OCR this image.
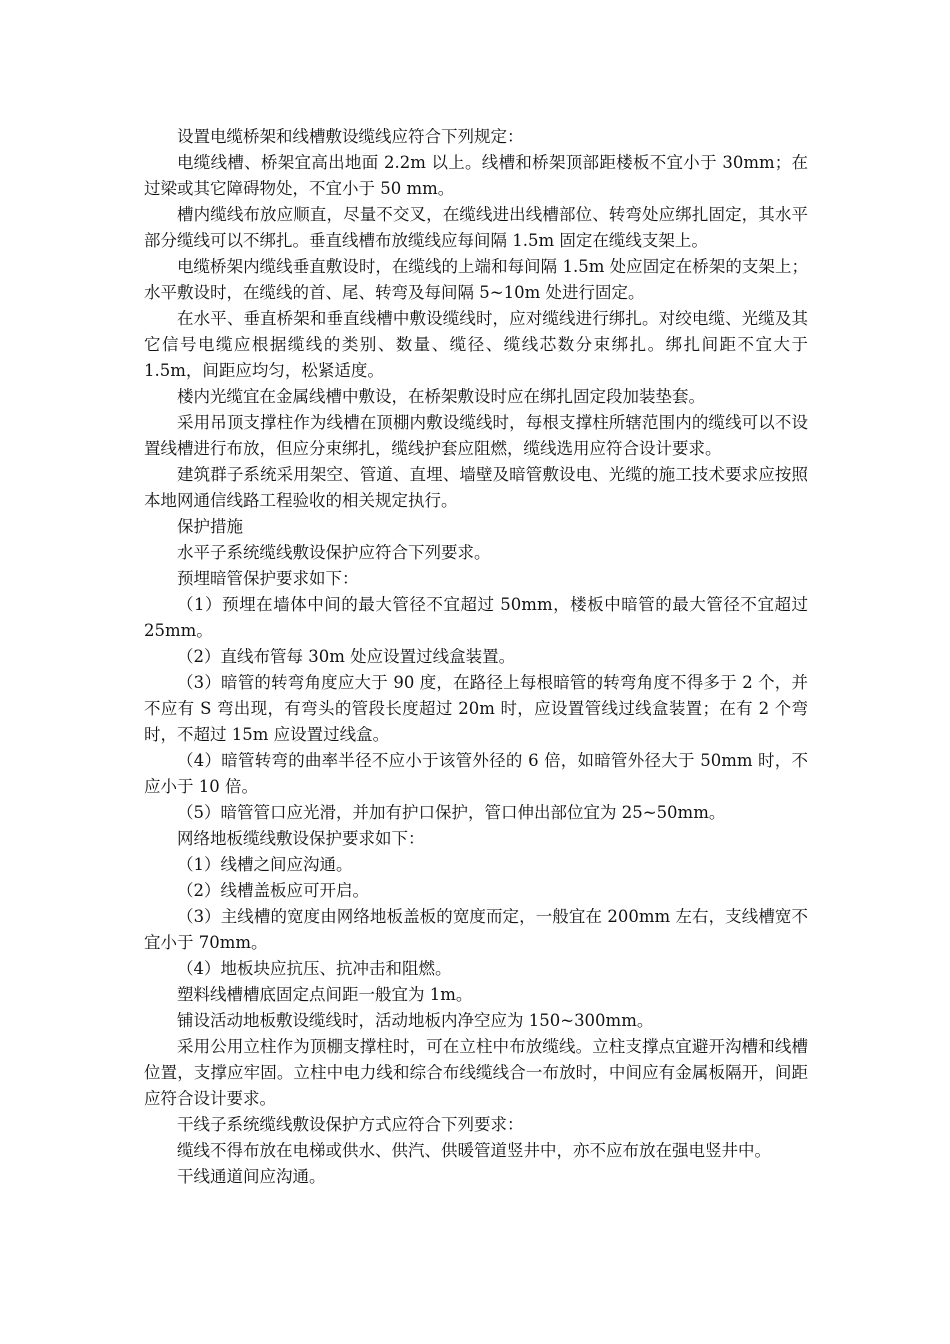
设置电缆桥架和线槽敷设缆线应符合下列规定：

电缆线槽、桥架宜高出地面 2.2m 以上。线槽和桥架顶部距楼板不宜小于 30mm；在过梁或其它障碍物处，不宜小于 50 mm。

槽内缆线布放应顺直，尽量不交叉，在缆线进出线槽部位、转弯处应绑扎固定，其水平部分缆线可以不绑扎。垂直线槽布放缆线应每间隔 1.5m 固定在缆线支架上。

电缆桥架内缆线垂直敷设时，在缆线的上端和每间隔 1.5m 处应固定在桥架的支架上；水平敷设时，在缆线的首、尾、转弯及每间隔 5~10m 处进行固定。

在水平、垂直桥架和垂直线槽中敷设缆线时，应对缆线进行绑扎。对绞电缆、光缆及其它信号电缆应根据缆线的类别、数量、缆径、缆线芯数分束绑扎。绑扎间距不宜大于 1.5m，间距应均匀，松紧适度。

楼内光缆宜在金属线槽中敷设，在桥架敷设时应在绑扎固定段加装垫套。

采用吊顶支撑柱作为线槽在顶棚内敷设缆线时，每根支撑柱所辖范围内的缆线可以不设置线槽进行布放，但应分束绑扎，缆线护套应阻燃，缆线选用应符合设计要求。

建筑群子系统采用架空、管道、直埋、墙壁及暗管敷设电、光缆的施工技术要求应按照本地网通信线路工程验收的相关规定执行。

保护措施

水平子系统缆线敷设保护应符合下列要求。

预埋暗管保护要求如下：

（1）预埋在墙体中间的最大管径不宜超过 50mm，楼板中暗管的最大管径不宜超过 25mm。

（2）直线布管每 30m 处应设置过线盒装置。

（3）暗管的转弯角度应大于 90 度，在路径上每根暗管的转弯角度不得多于 2 个，并不应有 S 弯出现，有弯头的管段长度超过 20m 时，应设置管线过线盒装置；在有 2 个弯时，不超过 15m 应设置过线盒。

（4）暗管转弯的曲率半径不应小于该管外径的 6 倍，如暗管外径大于 50mm 时，不应小于 10 倍。

（5）暗管管口应光滑，并加有护口保护，管口伸出部位宜为 25~50mm。

网络地板缆线敷设保护要求如下：

（1）线槽之间应沟通。

（2）线槽盖板应可开启。

（3）主线槽的宽度由网络地板盖板的宽度而定，一般宜在 200mm 左右，支线槽宽不宜小于 70mm。

（4）地板块应抗压、抗冲击和阻燃。

塑料线槽槽底固定点间距一般宜为 1m。

铺设活动地板敷设缆线时，活动地板内净空应为 150~300mm。

采用公用立柱作为顶棚支撑柱时，可在立柱中布放缆线。立柱支撑点宜避开沟槽和线槽位置，支撑应牢固。立柱中电力线和综合布线缆线合一布放时，中间应有金属板隔开，间距应符合设计要求。

干线子系统缆线敷设保护方式应符合下列要求：

缆线不得布放在电梯或供水、供汽、供暖管道竖井中，亦不应布放在强电竖井中。

干线通道间应沟通。
